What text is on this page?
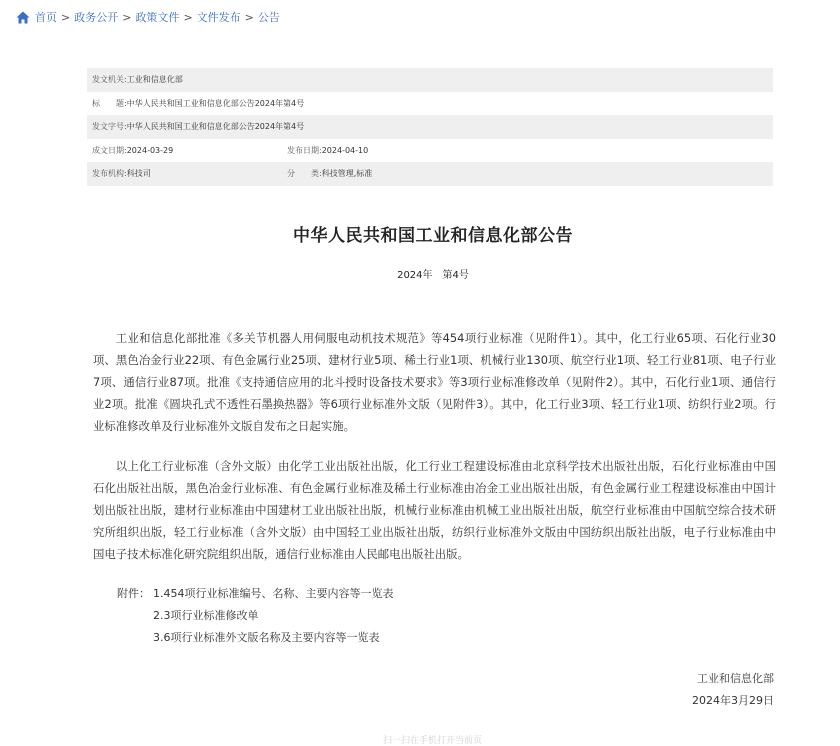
首页 > 政务公开 > 政策文件 > 文件发布 > 公告
发文机关: 工业和信息化部
标　　题: 中华人民共和国工业和信息化部公告2024年第4号
发文字号: 中华人民共和国工业和信息化部公告2024年第4号
成文日期: 2024-03-29	发布日期: 2024-04-10
发布机构: 科技司	分　　类: 科技管理,标准
中华人民共和国工业和信息化部公告
2024年 第4号

工业和信息化部批准《多关节机器人用伺服电动机技术规范》等454项行业标准（见附件1）。其中，化工行业65项、石化行业30项、黑色冶金行业22项、有色金属行业25项、建材行业5项、稀土行业1项、机械行业130项、航空行业1项、轻工行业81项、电子行业7项、通信行业87项。批准《支持通信应用的北斗授时设备技术要求》等3项行业标准修改单（见附件2）。其中，石化行业1项、通信行业2项。批准《圆块孔式不透性石墨换热器》等6项行业标准外文版（见附件3）。其中，化工行业3项、轻工行业1项、纺织行业2项。行业标准修改单及行业标准外文版自发布之日起实施。

以上化工行业标准（含外文版）由化学工业出版社出版，化工行业工程建设标准由北京科学技术出版社出版，石化行业标准由中国石化出版社出版，黑色冶金行业标准、有色金属行业标准及稀土行业标准由冶金工业出版社出版，有色金属行业工程建设标准由中国计划出版社出版，建材行业标准由中国建材工业出版社出版，机械行业标准由机械工业出版社出版，航空行业标准由中国航空综合技术研究所组织出版，轻工行业标准（含外文版）由中国轻工业出版社出版，纺织行业标准外文版由中国纺织出版社出版，电子行业标准由中国电子技术标准化研究院组织出版，通信行业标准由人民邮电出版社出版。

附件： 1.454项行业标准编号、名称、主要内容等一览表
2.3项行业标准修改单
3.6项行业标准外文版名称及主要内容等一览表
工业和信息化部
2024年3月29日
扫一扫在手机打开当前页
